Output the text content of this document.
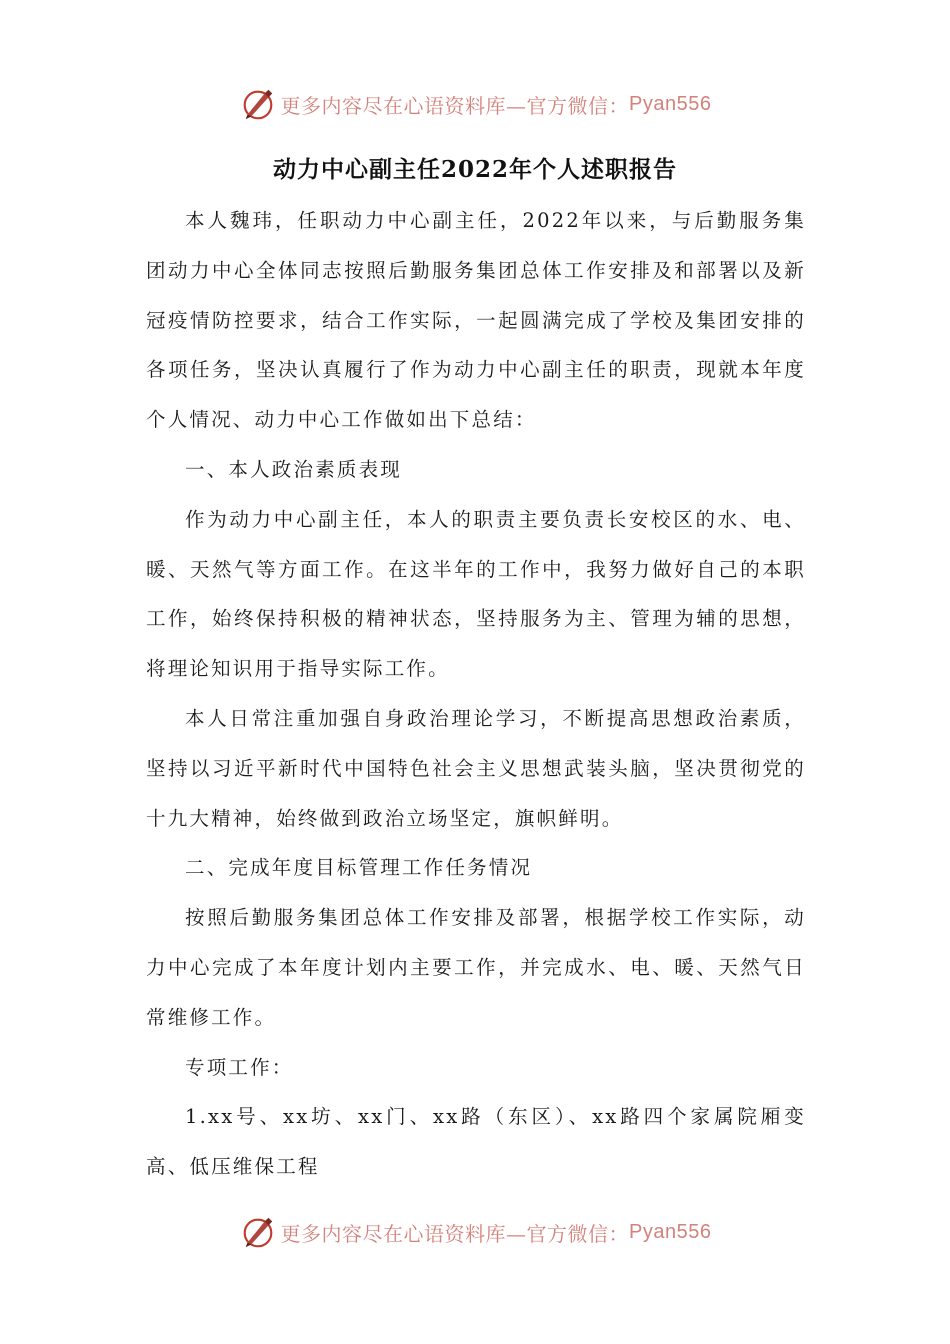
更多内容尽在心语资料库—官方微信： Pyan556
动力中心副主任2022年个人述职报告

本人魏玮，任职动力中心副主任，2022年以来，与后勤服务集团动力中心全体同志按照后勤服务集团总体工作安排及和部署以及新冠疫情防控要求，结合工作实际，一起圆满完成了学校及集团安排的各项任务，坚决认真履行了作为动力中心副主任的职责，现就本年度个人情况、动力中心工作做如出下总结：

一、本人政治素质表现

作为动力中心副主任，本人的职责主要负责长安校区的水、电、暖、天然气等方面工作。在这半年的工作中，我努力做好自己的本职工作，始终保持积极的精神状态，坚持服务为主、管理为辅的思想，将理论知识用于指导实际工作。

本人日常注重加强自身政治理论学习，不断提高思想政治素质，坚持以习近平新时代中国特色社会主义思想武装头脑，坚决贯彻党的十九大精神，始终做到政治立场坚定，旗帜鲜明。

二、完成年度目标管理工作任务情况

按照后勤服务集团总体工作安排及部署，根据学校工作实际，动力中心完成了本年度计划内主要工作，并完成水、电、暖、天然气日常维修工作。

专项工作：

1.xx号、xx坊、xx门、xx路（东区）、xx路四个家属院厢变高、低压维保工程

更多内容尽在心语资料库—官方微信： Pyan556
